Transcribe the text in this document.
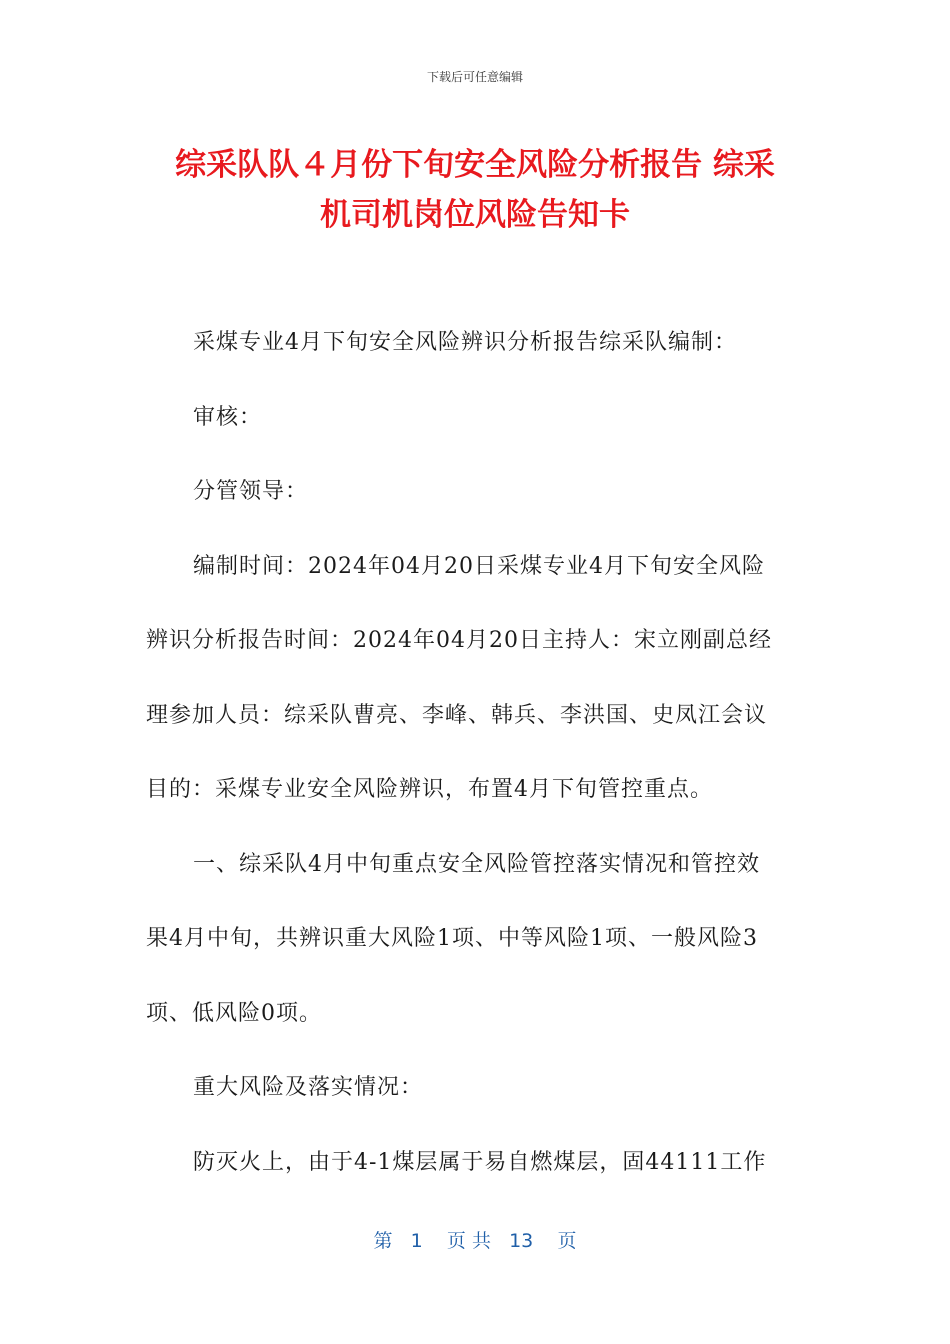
下载后可任意编辑
综采队队４月份下旬安全风险分析报告 综采
机司机岗位风险告知卡
采煤专业4月下旬安全风险辨识分析报告综采队编制：
审核：
分管领导：
编制时间：2024年04月20日采煤专业4月下旬安全风险
辨识分析报告时间：2024年04月20日主持人：宋立刚副总经
理参加人员：综采队曹亮、李峰、韩兵、李洪国、史凤江会议
目的：采煤专业安全风险辨识，布置4月下旬管控重点。
一、综采队4月中旬重点安全风险管控落实情况和管控效
果4月中旬，共辨识重大风险1项、中等风险1项、一般风险3
项、低风险0项。
重大风险及落实情况：
防灭火上，由于4-1煤层属于易自燃煤层，固44111工作
第 1 页 共 13 页
